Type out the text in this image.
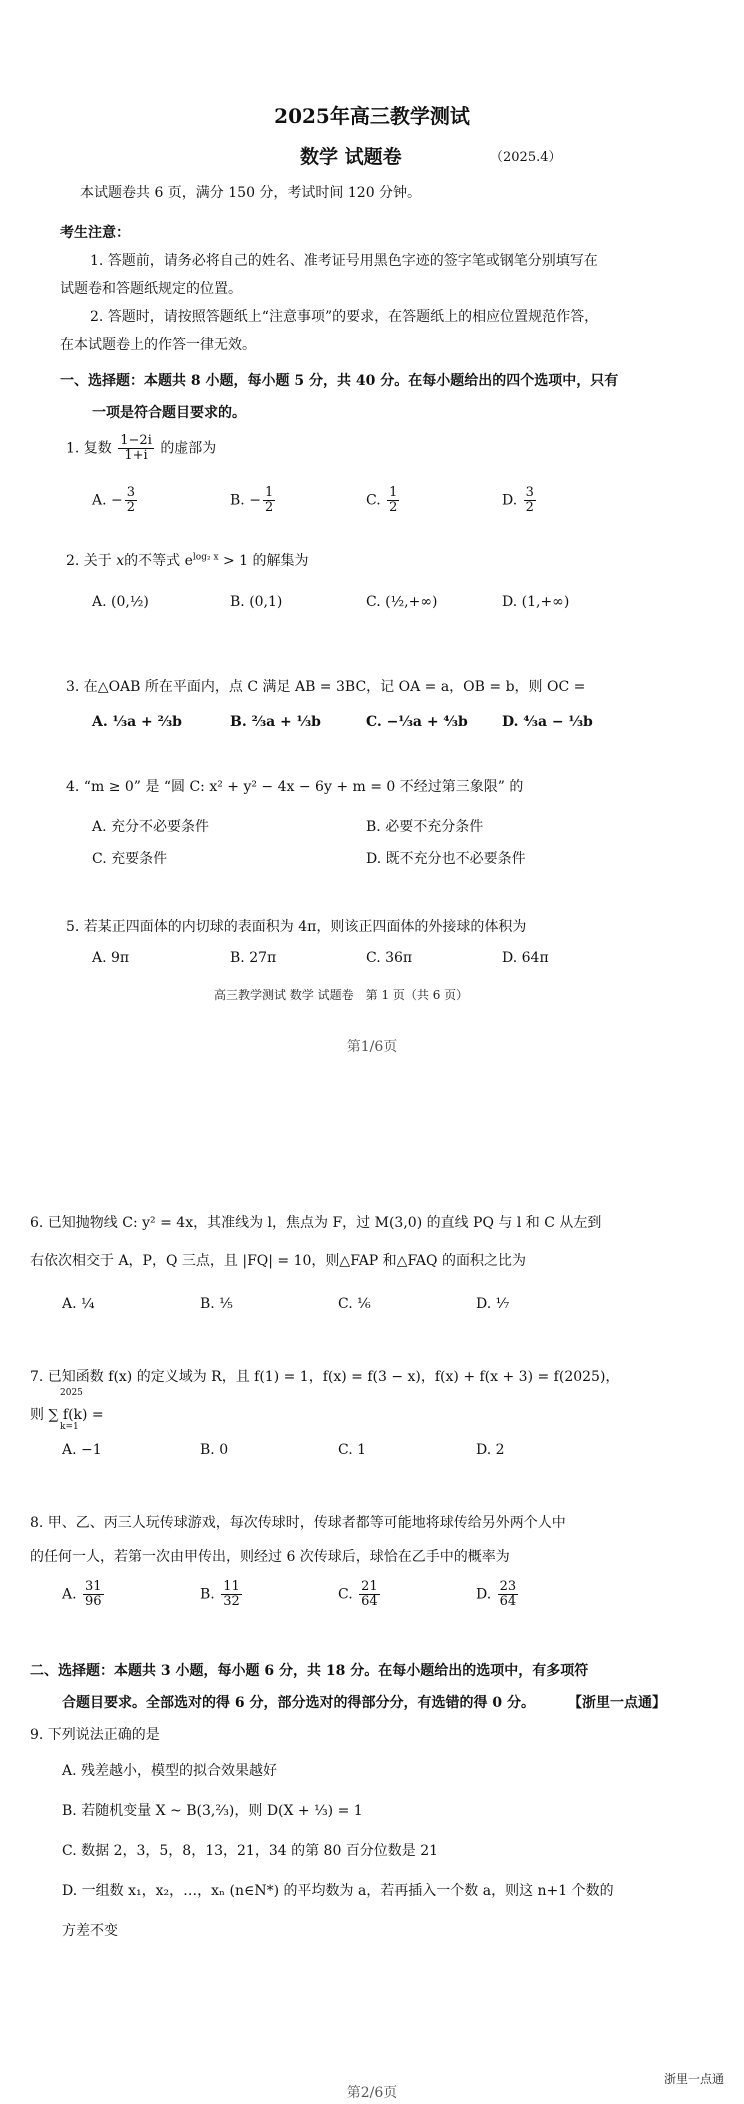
2025年高三教学测试
数学 试题卷	（2025.4）
本试题卷共 6 页，满分 150 分，考试时间 120 分钟。
考生注意：
1. 答题前，请务必将自己的姓名、准考证号用黑色字迹的签字笔或钢笔分别填写在
试题卷和答题纸规定的位置。
2. 答题时，请按照答题纸上“注意事项”的要求，在答题纸上的相应位置规范作答，
在本试题卷上的作答一律无效。
一、选择题：本题共 8 小题，每小题 5 分，共 40 分。在每小题给出的四个选项中，只有
一项是符合题目要求的。
1. 复数 $\frac{1-2i}{1+i}$ 的虚部为
A. − $\frac{3}{2}$	B. − $\frac{1}{2}$	C. $\frac{1}{2}$	D. $\frac{3}{2}$
2. 关于 x的不等式 $e^{log_2 x} > 1$ 的解集为
A. (0,½)	B. (0,1)	C. (½,+∞)	D. (1,+∞)
3. 在△OAB 所在平面内，点 C 满足 AB = 3BC，记 OA = a，OB = b，则 OC =
A. ⅓a + ⅔b	B. ⅔a + ⅓b	C. −⅓a + ⁴⁄₃b D. ⁴⁄₃a − ⅓b
4. “m ≥ 0” 是 “圆 C: x² + y² − 4x − 6y + m = 0 不经过第三象限” 的
A. 充分不必要条件	B. 必要不充分条件
C. 充要条件	D. 既不充分也不必要条件
5. 若某正四面体的内切球的表面积为 4π，则该正四面体的外接球的体积为
A. 9π	B. 27π	C. 36π	D. 64π
高三教学测试 数学 试题卷　第 1 页（共 6 页）
第1/6页
6. 已知抛物线 C: y² = 4x，其准线为 l，焦点为 F，过 M(3,0) 的直线 PQ 与 l 和 C 从左到
右依次相交于 A，P，Q 三点，且 |FQ| = 10，则△FAP 和△FAQ 的面积之比为
A. ¼	B. ⅕	C. ⅙	D. ⅐
7. 已知函数 f(x) 的定义域为 R，且 f(1) = 1，f(x) = f(3 − x)，f(x) + f(x + 3) = f(2025)，
2025
则 ∑ f(k) =
k=1
A. −1	B. 0	C. 1	D. 2
8. 甲、乙、丙三人玩传球游戏，每次传球时，传球者都等可能地将球传给另外两个人中
的任何一人，若第一次由甲传出，则经过 6 次传球后，球恰在乙手中的概率为
A. $\frac{31}{96}$	B. $\frac{11}{32}$	C. $\frac{21}{64}$	D. $\frac{23}{64}$
二、选择题：本题共 3 小题，每小题 6 分，共 18 分。在每小题给出的选项中，有多项符
合题目要求。全部选对的得 6 分，部分选对的得部分分，有选错的得 0 分。 【浙里一点通】
9. 下列说法正确的是
A. 残差越小，模型的拟合效果越好
B. 若随机变量 X ~ B(3,⅔)，则 D(X + ⅓) = 1
C. 数据 2，3，5，8，13，21，34 的第 80 百分位数是 21
D. 一组数 x₁，x₂，…，xₙ (n∈N*) 的平均数为 a，若再插入一个数 a，则这 n+1 个数的
方差不变
浙里一点通
第2/6页
